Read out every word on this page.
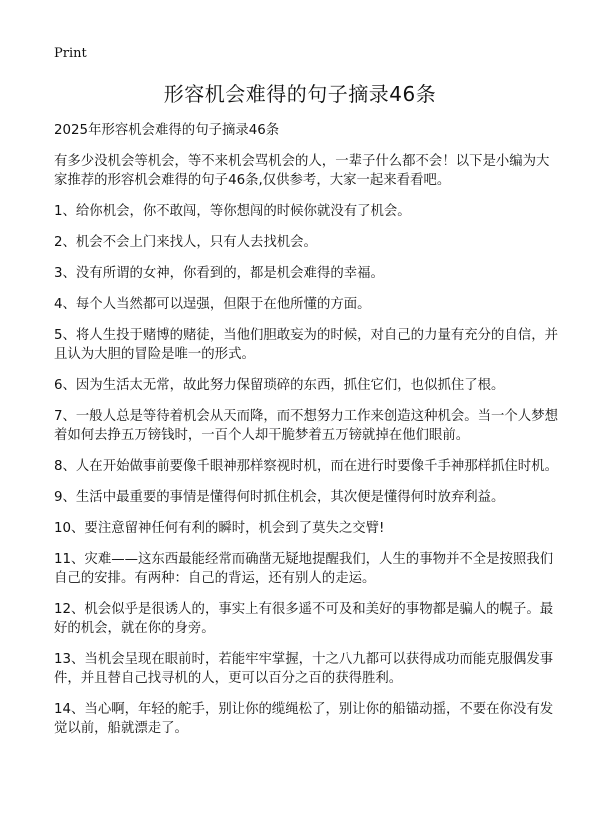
Print
形容机会难得的句子摘录46条

2025年形容机会难得的句子摘录46条

有多少没机会等机会，等不来机会骂机会的人，一辈子什么都不会！以下是小编为大家推荐的形容机会难得的句子46条,仅供参考，大家一起来看看吧。

1、给你机会，你不敢闯，等你想闯的时候你就没有了机会。
2、机会不会上门来找人，只有人去找机会。
3、没有所谓的女神，你看到的，都是机会难得的幸福。
4、每个人当然都可以逞强，但限于在他所懂的方面。
5、将人生投于赌博的赌徒，当他们胆敢妄为的时候，对自己的力量有充分的自信，并且认为大胆的冒险是唯一的形式。
6、因为生活太无常，故此努力保留琐碎的东西，抓住它们，也似抓住了根。
7、一般人总是等待着机会从天而降，而不想努力工作来创造这种机会。当一个人梦想着如何去挣五万镑钱时，一百个人却干脆梦着五万镑就掉在他们眼前。
8、人在开始做事前要像千眼神那样察视时机，而在进行时要像千手神那样抓住时机。
9、生活中最重要的事情是懂得何时抓住机会，其次便是懂得何时放弃利益。
10、要注意留神任何有利的瞬时，机会到了莫失之交臂!
11、灾难——这东西最能经常而确凿无疑地提醒我们，人生的事物并不全是按照我们自己的安排。有两种：自己的背运，还有别人的走运。
12、机会似乎是很诱人的，事实上有很多遥不可及和美好的事物都是骗人的幌子。最好的机会，就在你的身旁。
13、当机会呈现在眼前时，若能牢牢掌握，十之八九都可以获得成功而能克服偶发事件，并且替自己找寻机的人，更可以百分之百的获得胜利。
14、当心啊，年轻的舵手，别让你的缆绳松了，别让你的船锚动摇，不要在你没有发觉以前，船就漂走了。
